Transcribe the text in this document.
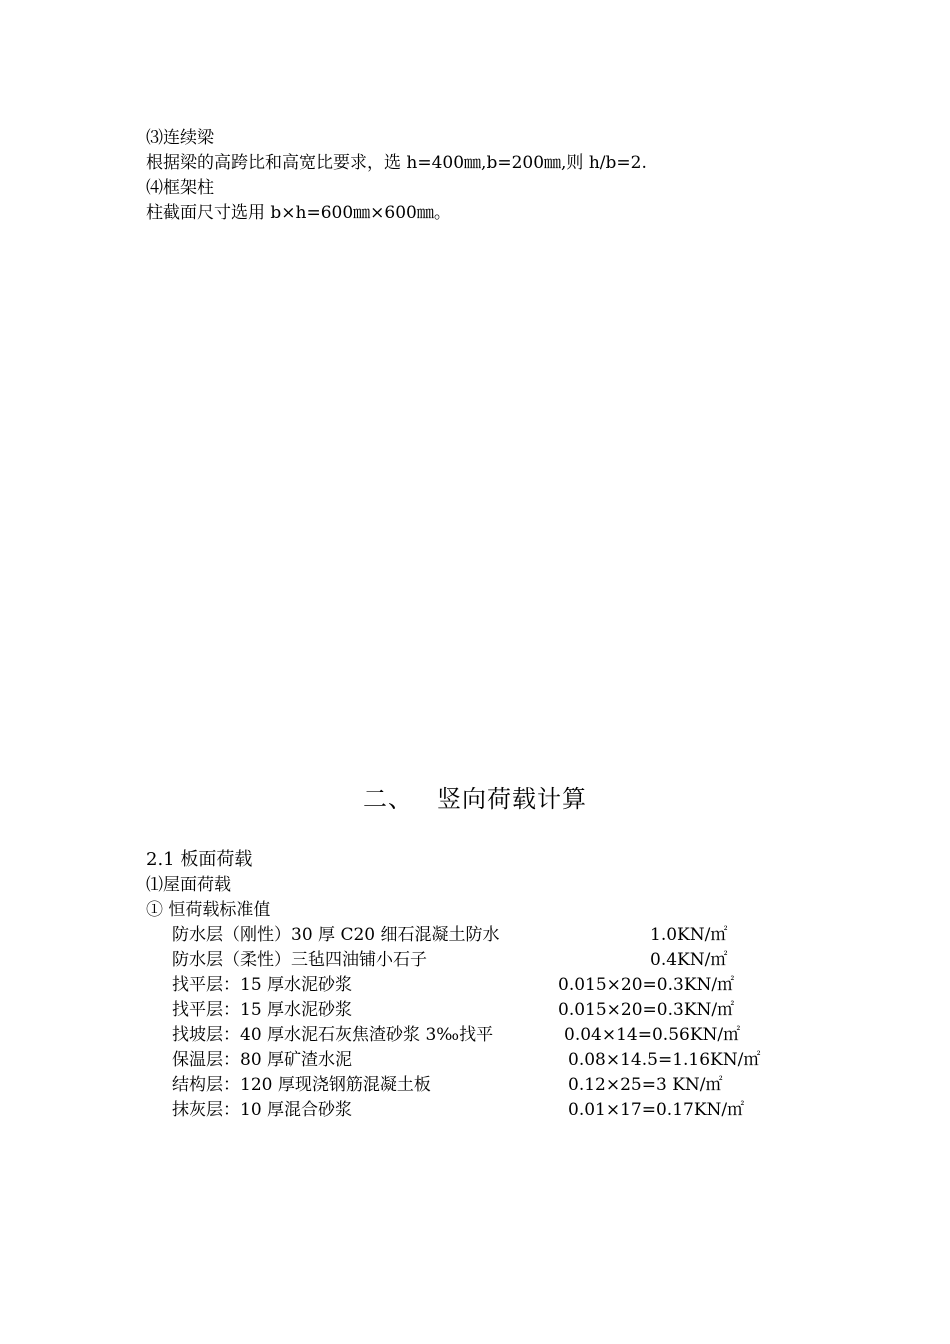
⑶连续梁
根据梁的高跨比和高宽比要求，选 h=400㎜,b=200㎜,则 h/b=2.
⑷框架柱
柱截面尺寸选用 b×h=600㎜×600㎜。
二、 竖向荷载计算
2.1 板面荷载
⑴屋面荷载
① 恒荷载标准值
防水层（刚性）30 厚 C20 细石混凝土防水	1.0KN/㎡
防水层（柔性）三毡四油铺小石子	0.4KN/㎡
找平层：15 厚水泥砂浆	0.015×20=0.3KN/㎡
找平层：15 厚水泥砂浆	0.015×20=0.3KN/㎡
找坡层：40 厚水泥石灰焦渣砂浆 3‰找平	0.04×14=0.56KN/㎡
保温层：80 厚矿渣水泥	0.08×14.5=1.16KN/㎡
结构层：120 厚现浇钢筋混凝土板	0.12×25=3 KN/㎡
抹灰层：10 厚混合砂浆	0.01×17=0.17KN/㎡
